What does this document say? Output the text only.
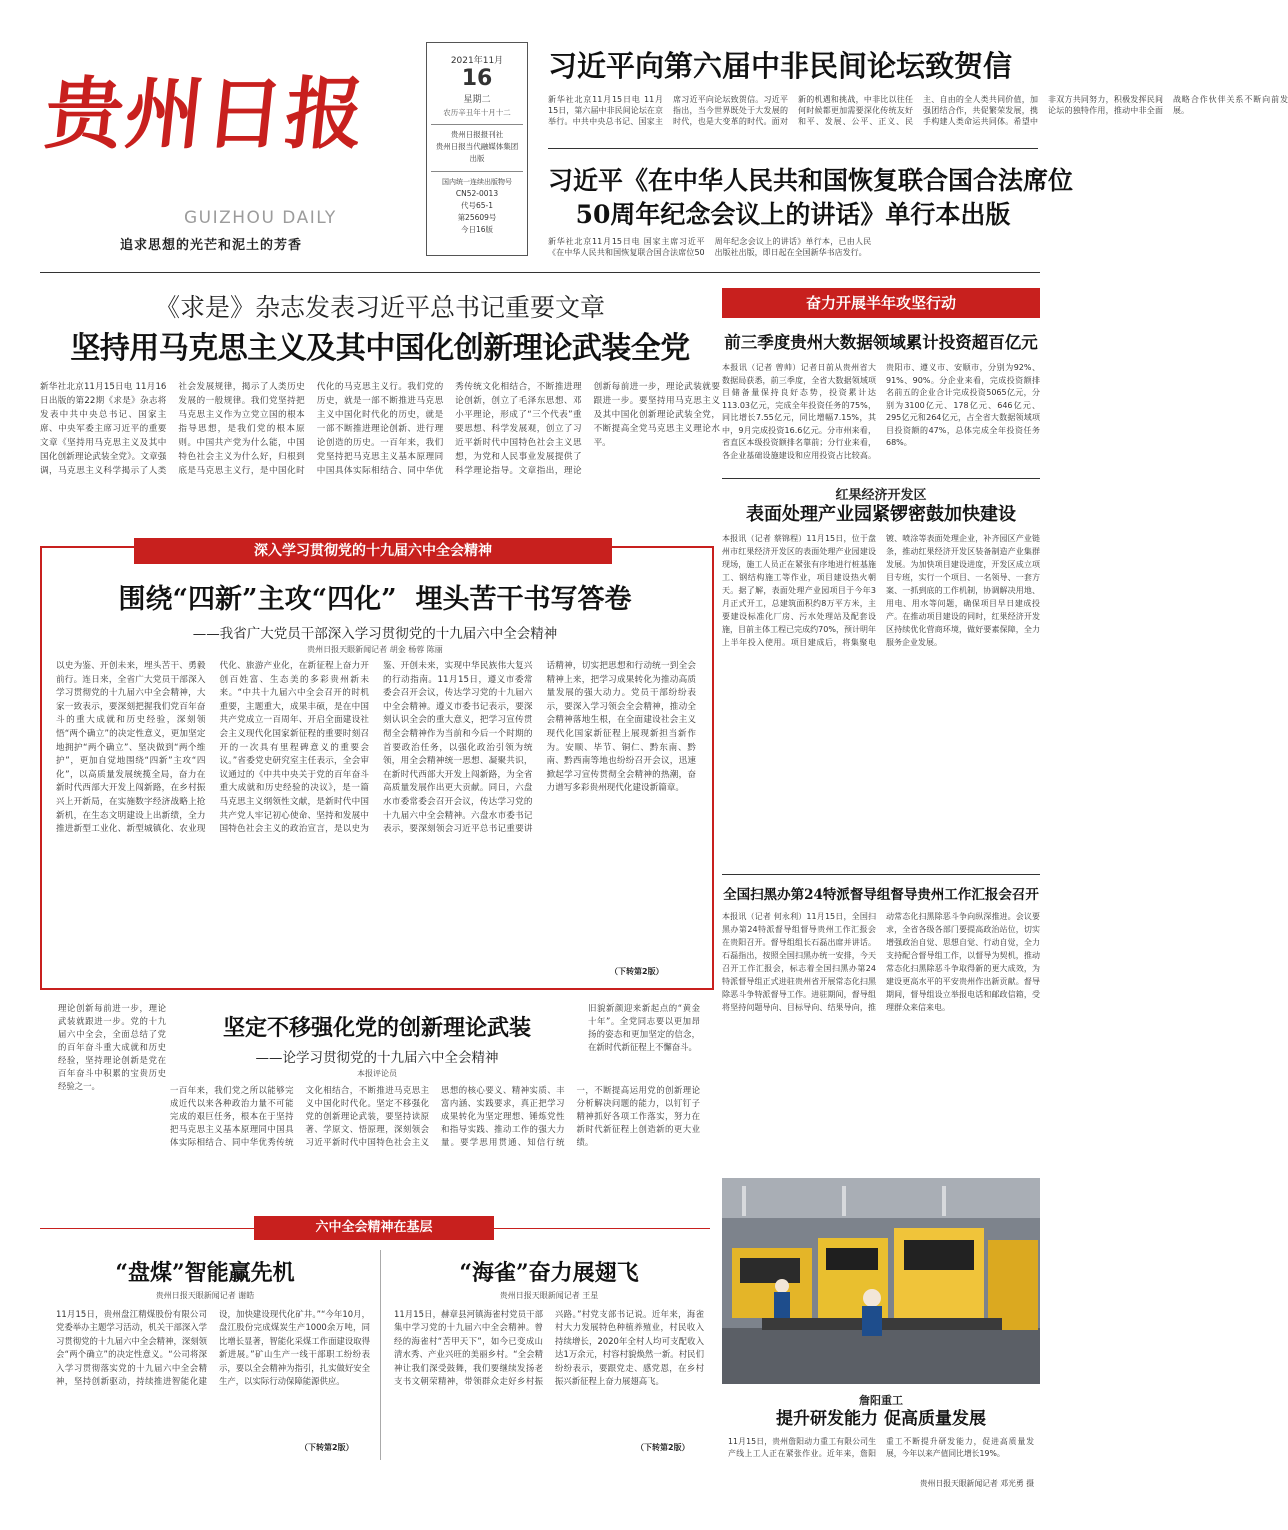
贵州日报
GUIZHOU DAILY
追求思想的光芒和泥土的芳香
2021年11月
16
星期二
农历辛丑年十月十二
贵州日报报刊社
贵州日报当代融媒体集团
出版
国内统一连续出版物号
CN52-0013
代号65-1
第25609号
今日16版
习近平向第六届中非民间论坛致贺信
新华社北京11月15日电 11月15日，第六届中非民间论坛在京举行。中共中央总书记、国家主席习近平向论坛致贺信。习近平指出，当今世界既处于大发展的时代，也是大变革的时代。面对新的机遇和挑战，中非比以往任何时候都更加需要深化传统友好和平、发展、公平、正义、民主、自由的全人类共同价值，加强团结合作，共促繁荣发展，携手构建人类命运共同体。希望中非双方共同努力，积极发挥民间论坛的独特作用，推动中非全面战略合作伙伴关系不断向前发展。
习近平《在中华人民共和国恢复联合国合法席位
50周年纪念会议上的讲话》单行本出版
新华社北京11月15日电 国家主席习近平《在中华人民共和国恢复联合国合法席位50周年纪念会议上的讲话》单行本，已由人民出版社出版，即日起在全国新华书店发行。
《求是》杂志发表习近平总书记重要文章
坚持用马克思主义及其中国化创新理论武装全党
新华社北京11月15日电 11月16日出版的第22期《求是》杂志将发表中共中央总书记、国家主席、中央军委主席习近平的重要文章《坚持用马克思主义及其中国化创新理论武装全党》。文章强调，马克思主义科学揭示了人类社会发展规律，揭示了人类历史发展的一般规律。我们党坚持把马克思主义作为立党立国的根本指导思想，是我们党的根本原则。中国共产党为什么能，中国特色社会主义为什么好，归根到底是马克思主义行，是中国化时代化的马克思主义行。我们党的历史，就是一部不断推进马克思主义中国化时代化的历史，就是一部不断推进理论创新、进行理论创造的历史。一百年来，我们党坚持把马克思主义基本原理同中国具体实际相结合、同中华优秀传统文化相结合，不断推进理论创新，创立了毛泽东思想、邓小平理论，形成了“三个代表”重要思想、科学发展观，创立了习近平新时代中国特色社会主义思想，为党和人民事业发展提供了科学理论指导。文章指出，理论创新每前进一步，理论武装就要跟进一步。要坚持用马克思主义及其中国化创新理论武装全党，不断提高全党马克思主义理论水平。
奋力开展半年攻坚行动
前三季度贵州大数据领域累计投资超百亿元
本报讯（记者 曾帅）记者日前从贵州省大数据局获悉，前三季度，全省大数据领域项目储备量保持良好态势，投资累计达113.03亿元，完成全年投资任务的75%，同比增长7.55亿元，同比增幅7.15%，其中，9月完成投资16.6亿元。分市州来看，省直区本级投资额排名靠前；分行业来看，各企业基础设施建设和应用投资占比较高。贵阳市、遵义市、安顺市，分别为92%、91%、90%。分企业来看，完成投资额排名前五的企业合计完成投资5065亿元，分别为3100亿元、178亿元、646亿元、295亿元和264亿元，占全省大数据领域项目投资额的47%，总体完成全年投资任务68%。
红果经济开发区
表面处理产业园紧锣密鼓加快建设
本报讯（记者 蔡锦程）11月15日，位于盘州市红果经济开发区的表面处理产业园建设现场，施工人员正在紧张有序地进行桩基施工、钢结构施工等作业，项目建设热火朝天。据了解，表面处理产业园项目于今年3月正式开工，总建筑面积约8万平方米，主要建设标准化厂房、污水处理站及配套设施，目前主体工程已完成约70%，预计明年上半年投入使用。项目建成后，将集聚电镀、喷涂等表面处理企业，补齐园区产业链条，推动红果经济开发区装备制造产业集群发展。为加快项目建设进度，开发区成立项目专班，实行一个项目、一名领导、一套方案、一抓到底的工作机制，协调解决用地、用电、用水等问题，确保项目早日建成投产。在推动项目建设的同时，红果经济开发区持续优化营商环境，做好要素保障，全力服务企业发展。
深入学习贯彻党的十九届六中全会精神
围绕“四新”主攻“四化”  埋头苦干书写答卷
——我省广大党员干部深入学习贯彻党的十九届六中全会精神
贵州日报天眼新闻记者 胡金 杨蓉 陈丽
以史为鉴、开创未来，埋头苦干、勇毅前行。连日来，全省广大党员干部深入学习贯彻党的十九届六中全会精神，大家一致表示，要深刻把握我们党百年奋斗的重大成就和历史经验，深刻领悟“两个确立”的决定性意义，更加坚定地拥护“两个确立”、坚决做到“两个维护”，更加自觉地围绕“四新”主攻“四化”，以高质量发展统揽全局，奋力在新时代西部大开发上闯新路，在乡村振兴上开新局，在实施数字经济战略上抢新机，在生态文明建设上出新绩，全力推进新型工业化、新型城镇化、农业现代化、旅游产业化，在新征程上奋力开创百姓富、生态美的多彩贵州新未来。“中共十九届六中全会召开的时机重要，主题重大，成果丰硕，是在中国共产党成立一百周年、开启全面建设社会主义现代化国家新征程的重要时刻召开的一次具有里程碑意义的重要会议。”省委党史研究室主任表示，全会审议通过的《中共中央关于党的百年奋斗重大成就和历史经验的决议》，是一篇马克思主义纲领性文献，是新时代中国共产党人牢记初心使命、坚持和发展中国特色社会主义的政治宣言，是以史为鉴、开创未来，实现中华民族伟大复兴的行动指南。11月15日，遵义市委常委会召开会议，传达学习党的十九届六中全会精神。遵义市委书记表示，要深刻认识全会的重大意义，把学习宣传贯彻全会精神作为当前和今后一个时期的首要政治任务，以强化政治引领为统领，用全会精神统一思想、凝聚共识，在新时代西部大开发上闯新路，为全省高质量发展作出更大贡献。同日，六盘水市委常委会召开会议，传达学习党的十九届六中全会精神。六盘水市委书记表示，要深刻领会习近平总书记重要讲话精神，切实把思想和行动统一到全会精神上来，把学习成果转化为推动高质量发展的强大动力。党员干部纷纷表示，要深入学习领会全会精神，推动全会精神落地生根，在全面建设社会主义现代化国家新征程上展现新担当新作为。安顺、毕节、铜仁、黔东南、黔南、黔西南等地也纷纷召开会议，迅速掀起学习宣传贯彻全会精神的热潮，奋力谱写多彩贵州现代化建设新篇章。
（下转第2版）
全国扫黑办第24特派督导组督导贵州工作汇报会召开
本报讯（记者 何永利）11月15日，全国扫黑办第24特派督导组督导贵州工作汇报会在贵阳召开。督导组组长石磊出席并讲话。石磊指出，按照全国扫黑办统一安排，今天召开工作汇报会，标志着全国扫黑办第24特派督导组正式进驻贵州省开展常态化扫黑除恶斗争特派督导工作。进驻期间，督导组将坚持问题导向、目标导向、结果导向，推动常态化扫黑除恶斗争向纵深推进。会议要求，全省各级各部门要提高政治站位，切实增强政治自觉、思想自觉、行动自觉，全力支持配合督导组工作，以督导为契机，推动常态化扫黑除恶斗争取得新的更大成效，为建设更高水平的平安贵州作出新贡献。督导期间，督导组设立举报电话和邮政信箱，受理群众来信来电。
理论创新每前进一步，理论武装就跟进一步。党的十九届六中全会，全面总结了党的百年奋斗重大成就和历史经验，坚持理论创新是党在百年奋斗中积累的宝贵历史经验之一。
旧貌新颜迎来新起点的“黄金十年”。全党同志要以更加昂扬的姿态和更加坚定的信念，在新时代新征程上不懈奋斗。
坚定不移强化党的创新理论武装
——论学习贯彻党的十九届六中全会精神
本报评论员
一百年来，我们党之所以能够完成近代以来各种政治力量不可能完成的艰巨任务，根本在于坚持把马克思主义基本原理同中国具体实际相结合、同中华优秀传统文化相结合，不断推进马克思主义中国化时代化。坚定不移强化党的创新理论武装，要坚持读原著、学原文、悟原理，深刻领会习近平新时代中国特色社会主义思想的核心要义、精神实质、丰富内涵、实践要求，真正把学习成果转化为坚定理想、锤炼党性和指导实践、推动工作的强大力量。要学思用贯通、知信行统一，不断提高运用党的创新理论分析解决问题的能力，以钉钉子精神抓好各项工作落实，努力在新时代新征程上创造新的更大业绩。
六中全会精神在基层
“盘煤”智能赢先机
贵州日报天眼新闻记者 谢皓
11月15日，贵州盘江精煤股份有限公司党委举办主题学习活动，机关干部深入学习贯彻党的十九届六中全会精神，深刻领会“两个确立”的决定性意义。“公司将深入学习贯彻落实党的十九届六中全会精神，坚持创新驱动，持续推进智能化建设，加快建设现代化矿井。”“今年10月，盘江股份完成煤炭生产1000余万吨，同比增长显著，智能化采煤工作面建设取得新进展。”矿山生产一线干部职工纷纷表示，要以全会精神为指引，扎实做好安全生产，以实际行动保障能源供应。
（下转第2版）
“海雀”奋力展翅飞
贵州日报天眼新闻记者 王星
11月15日，赫章县河镇海雀村党员干部集中学习党的十九届六中全会精神。曾经的海雀村“苦甲天下”，如今已变成山清水秀、产业兴旺的美丽乡村。“全会精神让我们深受鼓舞，我们要继续发扬老支书文朝荣精神，带领群众走好乡村振兴路。”村党支部书记说。近年来，海雀村大力发展特色种植养殖业，村民收入持续增长，2020年全村人均可支配收入达1万余元，村容村貌焕然一新。村民们纷纷表示，要跟党走、感党恩，在乡村振兴新征程上奋力展翅高飞。
（下转第2版）
詹阳重工
提升研发能力 促高质量发展
11月15日，贵州詹阳动力重工有限公司生产线上工人正在紧张作业。近年来，詹阳重工不断提升研发能力，促进高质量发展，今年以来产值同比增长19%。
贵州日报天眼新闻记者 邓光勇 摄
